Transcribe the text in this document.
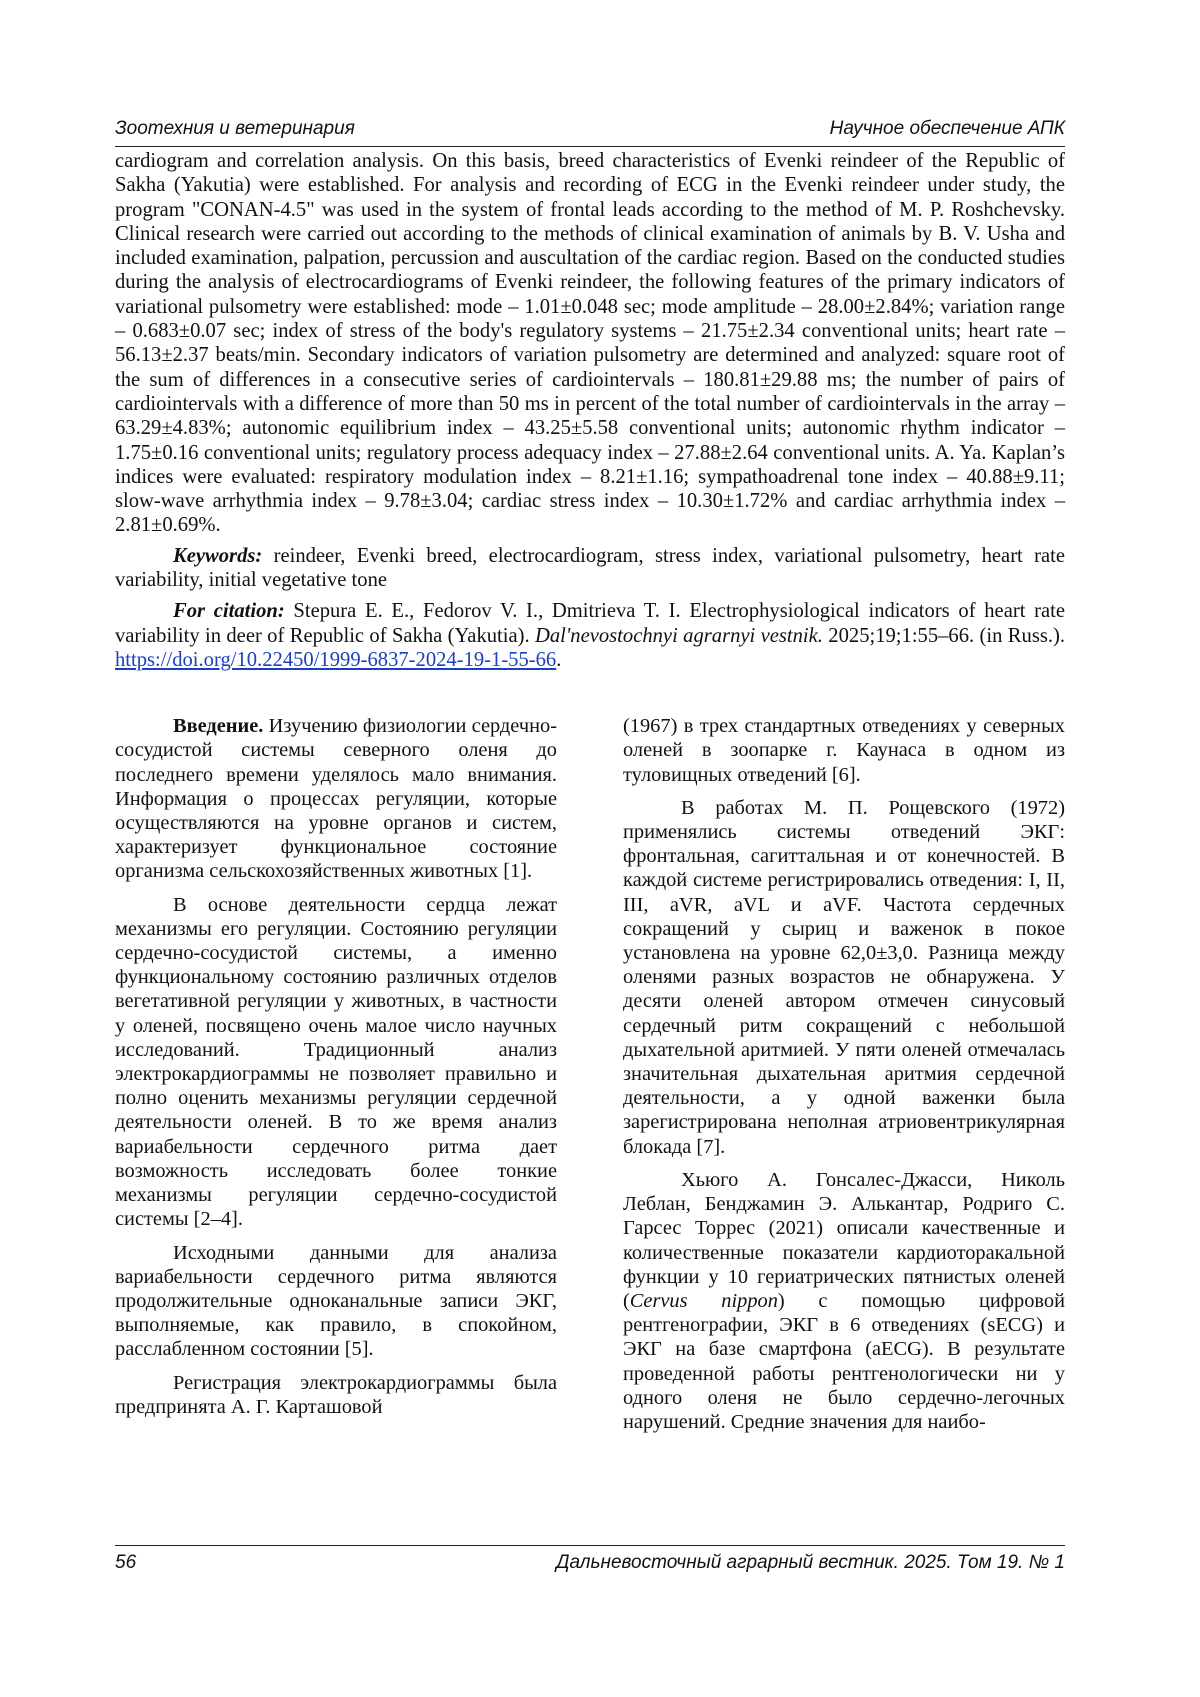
Зоотехния и ветеринария	Научное обеспечение АПК

cardiogram and correlation analysis. On this basis, breed characteristics of Evenki reindeer of the Republic of Sakha (Yakutia) were established. For analysis and recording of ECG in the Evenki reindeer under study, the program "CONAN-4.5" was used in the system of frontal leads according to the method of M. P. Roshchevsky. Clinical research were carried out according to the methods of clinical examination of animals by B. V. Usha and included examination, palpation, percussion and auscultation of the cardiac region. Based on the conducted studies during the analysis of electrocardiograms of Evenki reindeer, the following features of the primary indicators of variational pulsometry were established: mode – 1.01±0.048 sec; mode amplitude – 28.00±2.84%; variation range – 0.683±0.07 sec; index of stress of the body's regulatory systems – 21.75±2.34 conventional units; heart rate – 56.13±2.37 beats/min. Secondary indicators of variation pulsometry are determined and analyzed: square root of the sum of differences in a consecutive series of cardiointervals – 180.81±29.88 ms; the number of pairs of cardiointervals with a difference of more than 50 ms in percent of the total number of cardiointervals in the array – 63.29±4.83%; autonomic equilibrium index – 43.25±5.58 conventional units; autonomic rhythm indicator – 1.75±0.16 conventional units; regulatory process adequacy index – 27.88±2.64 conventional units. A. Ya. Kaplan’s indices were evaluated: respiratory modulation index – 8.21±1.16; sympathoadrenal tone index – 40.88±9.11; slow-wave arrhythmia index – 9.78±3.04; cardiac stress index – 10.30±1.72% and cardiac arrhythmia index – 2.81±0.69%.

Keywords: reindeer, Evenki breed, electrocardiogram, stress index, variational pulsometry, heart rate variability, initial vegetative tone

For citation: Stepura E. E., Fedorov V. I., Dmitrieva T. I. Electrophysiological indicators of heart rate variability in deer of Republic of Sakha (Yakutia). Dal'nevostochnyi agrarnyi vestnik. 2025;19;1:55–66. (in Russ.). https://doi.org/10.22450/1999-6837-2024-19-1-55-66.

Введение. Изучению физиологии сердечно-сосудистой системы северного оленя до последнего времени уделялось мало внимания. Информация о процессах регуляции, которые осуществляются на уровне органов и систем, характеризует функциональное состояние организма сельскохозяйственных животных [1].

В основе деятельности сердца лежат механизмы его регуляции. Состоянию регуляции сердечно-сосудистой системы, а именно функциональному состоянию различных отделов вегетативной регуляции у животных, в частности у оленей, посвящено очень малое число научных исследований. Традиционный анализ электрокардиограммы не позволяет правильно и полно оценить механизмы регуляции сердечной деятельности оленей. В то же время анализ вариабельности сердечного ритма дает возможность исследовать более тонкие механизмы регуляции сердечно-сосудистой системы [2–4].

Исходными данными для анализа вариабельности сердечного ритма являются продолжительные одноканальные записи ЭКГ, выполняемые, как правило, в спокойном, расслабленном состоянии [5].

Регистрация электрокардиограммы была предпринята А. Г. Карташовой

(1967) в трех стандартных отведениях у северных оленей в зоопарке г. Каунаса в одном из туловищных отведений [6].

В работах М. П. Рощевского (1972) применялись системы отведений ЭКГ: фронтальная, сагиттальная и от конечностей. В каждой системе регистрировались отведения: I, II, III, aVR, aVL и aVF. Частота сердечных сокращений у сыриц и важенок в покое установлена на уровне 62,0±3,0. Разница между оленями разных возрастов не обнаружена. У десяти оленей автором отмечен синусовый сердечный ритм сокращений с небольшой дыхательной аритмией. У пяти оленей отмечалась значительная дыхательная аритмия сердечной деятельности, а у одной важенки была зарегистрирована неполная атриовентрикулярная блокада [7].

Хьюго А. Гонсалес-Джасси, Николь Леблан, Бенджамин Э. Алькантар, Родриго С. Гарсес Торрес (2021) описали качественные и количественные показатели кардиоторакальной функции у 10 гериатрических пятнистых оленей (Cervus nippon) с помощью цифровой рентгенографии, ЭКГ в 6 отведениях (sECG) и ЭКГ на базе смартфона (aECG). В результате проведенной работы рентгенологически ни у одного оленя не было сердечно-легочных нарушений. Средние значения для наибо-

56	Дальневосточный аграрный вестник. 2025. Том 19. № 1
